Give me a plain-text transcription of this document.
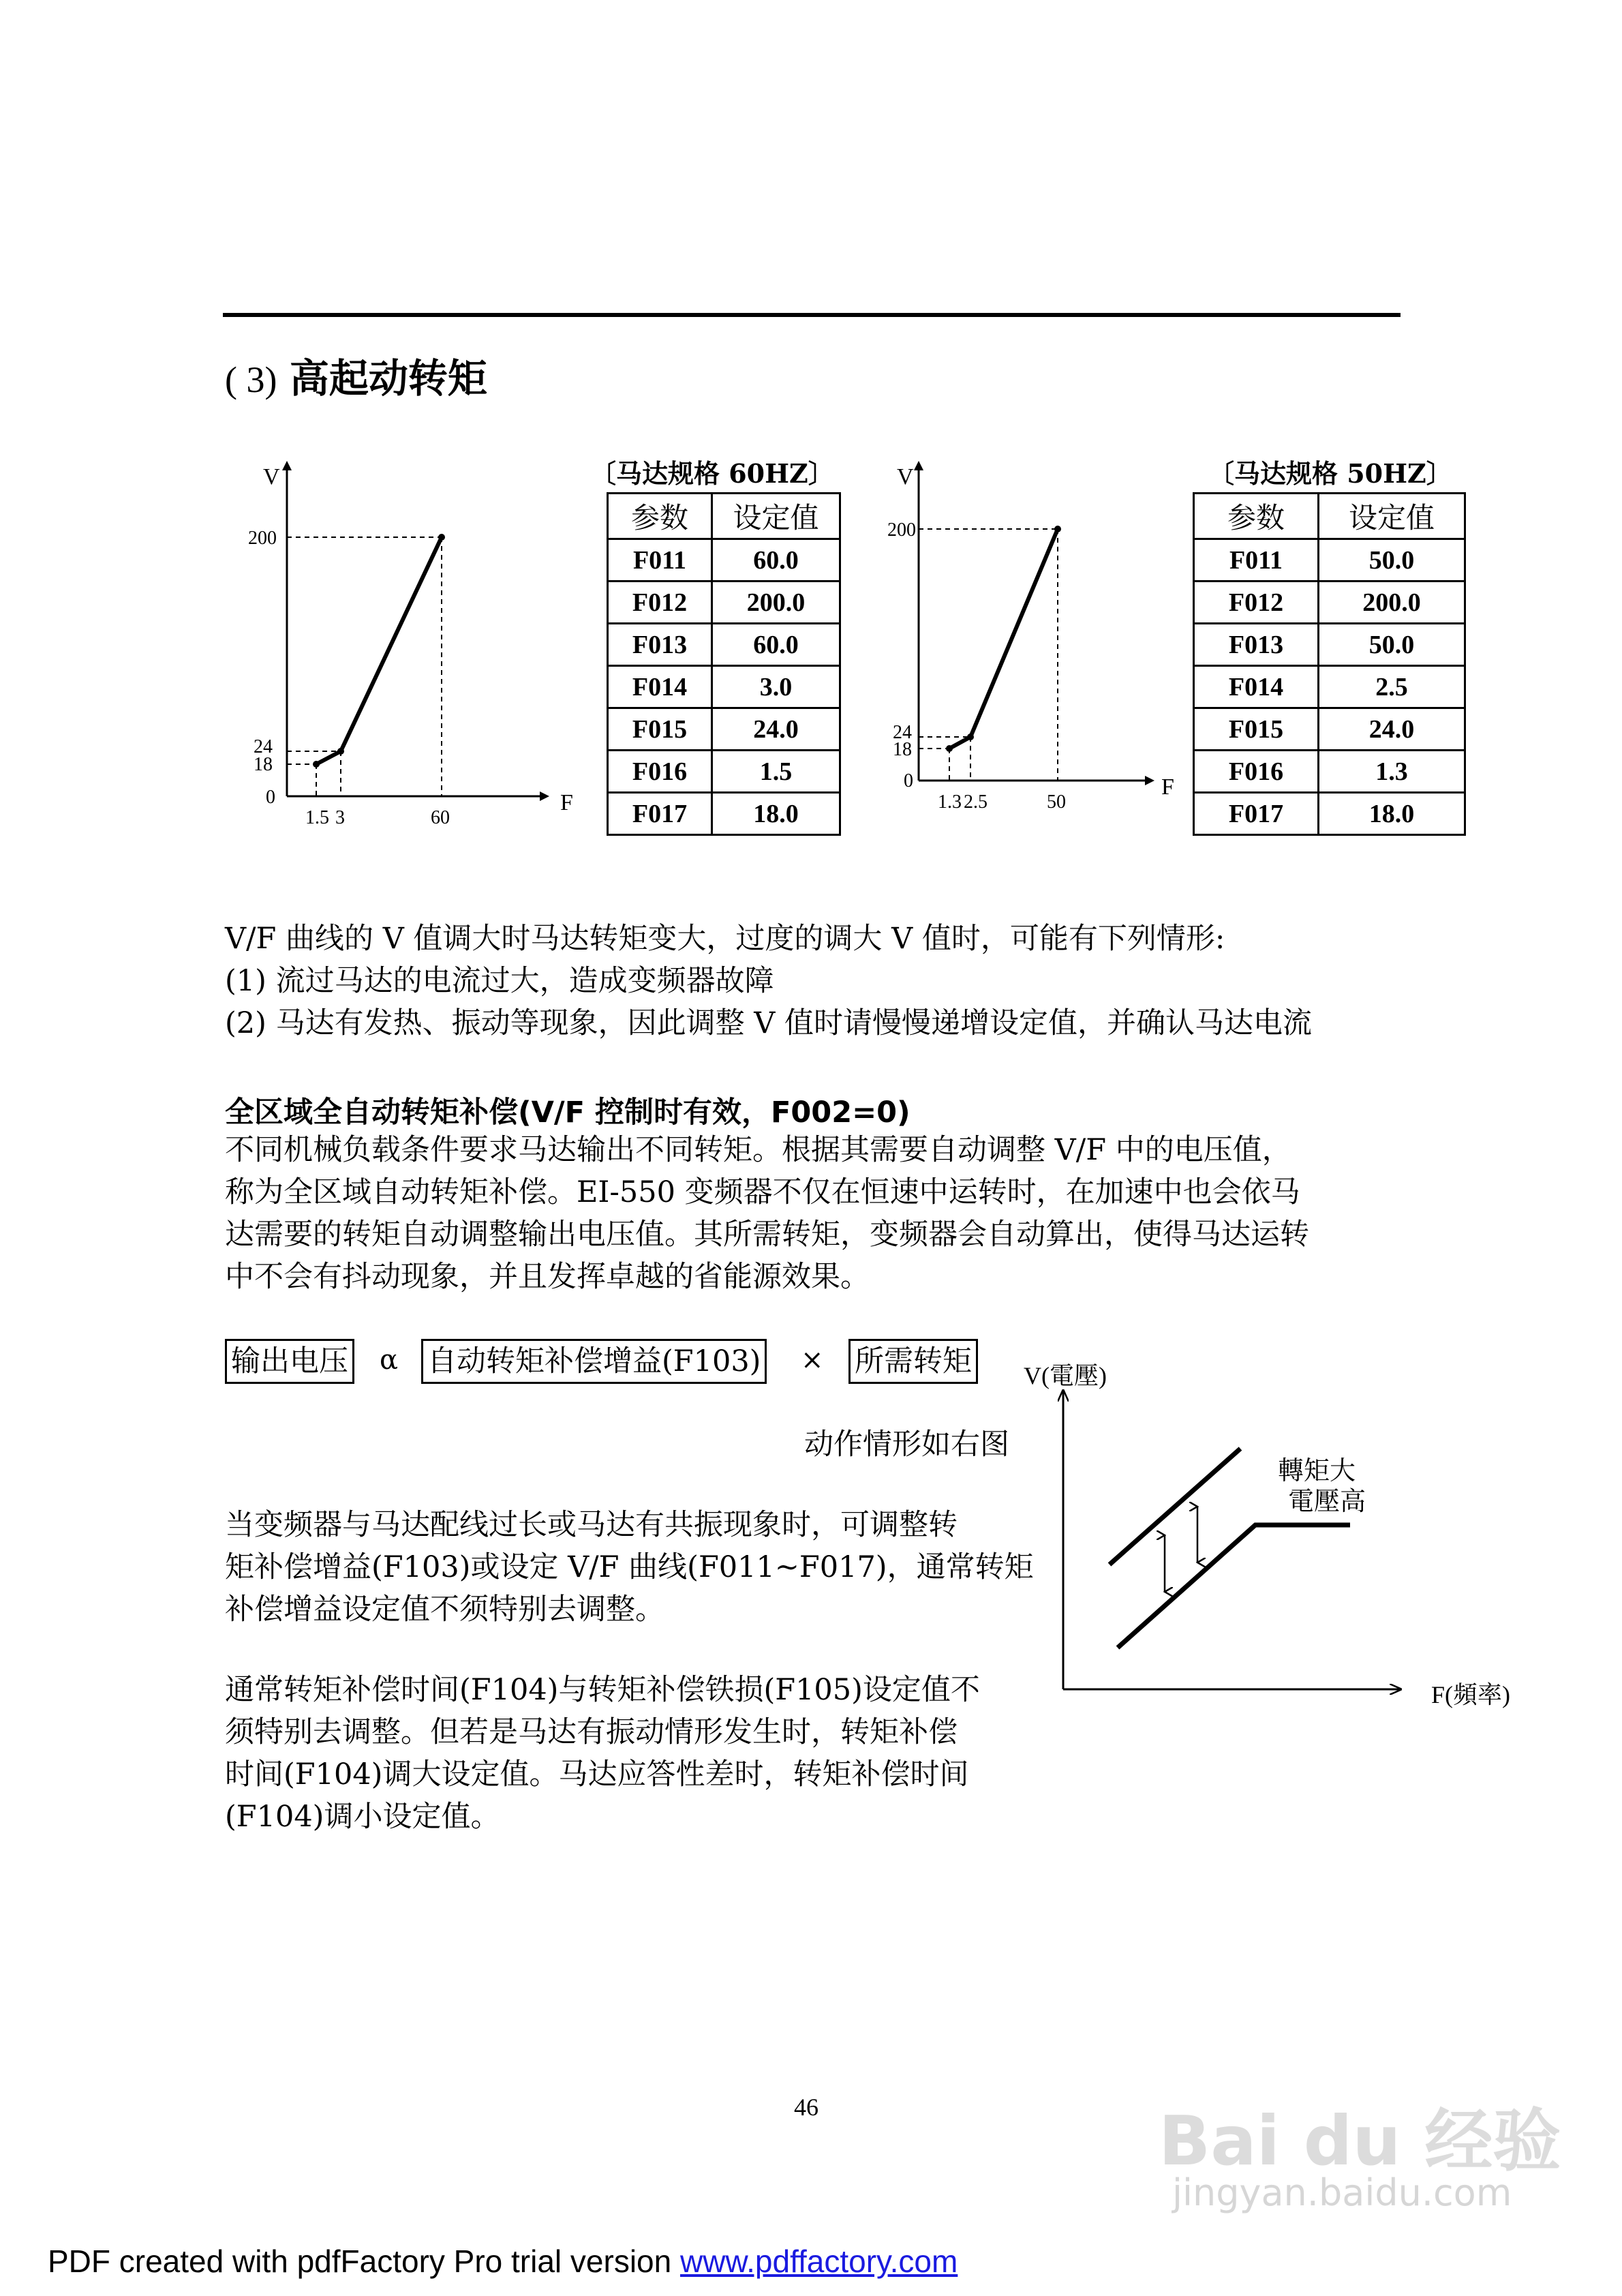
( 3) 高起动转矩
V
F
200
24
18
0
1.5 3	60
〔马达规格 60HZ〕
参数	设定值
F011	60.0
F012	200.0
F013	60.0
F014	3.0
F015	24.0
F016	1.5
F017	18.0
V
F
200
24
18
0
1.3 2.5	50
〔马达规格 50HZ〕
参数	设定值
F011	50.0
F012	200.0
F013	50.0
F014	2.5
F015	24.0
F016	1.3
F017	18.0
V/F 曲线的 V 值调大时马达转矩变大，过度的调大 V 值时，可能有下列情形:
(1) 流过马达的电流过大，造成变频器故障
(2) 马达有发热、振动等现象，因此调整 V 值时请慢慢递增设定值，并确认马达电流
全区域全自动转矩补偿(V/F 控制时有效，F002=0)
不同机械负载条件要求马达输出不同转矩。根据其需要自动调整 V/F 中的电压值，
称为全区域自动转矩补偿。EI-550 变频器不仅在恒速中运转时，在加速中也会依马
达需要的转矩自动调整输出电压值。其所需转矩，变频器会自动算出，使得马达运转
中不会有抖动现象，并且发挥卓越的省能源效果。
输出电压 α 自动转矩补偿增益(F103) × 所需转矩
动作情形如右图
当变频器与马达配线过长或马达有共振现象时，可调整转
矩补偿增益(F103)或设定 V/F 曲线(F011~F017)，通常转矩
补偿增益设定值不须特别去调整。
通常转矩补偿时间(F104)与转矩补偿铁损(F105)设定值不
须特别去调整。但若是马达有振动情形发生时，转矩补偿
时间(F104)调大设定值。马达应答性差时，转矩补偿时间
(F104)调小设定值。
V(電壓)
F(頻率)
轉矩大
電壓高
46	Bai du 经验
jingyan.baidu.com
PDF created with pdfFactory Pro trial version www.pdffactory.com
